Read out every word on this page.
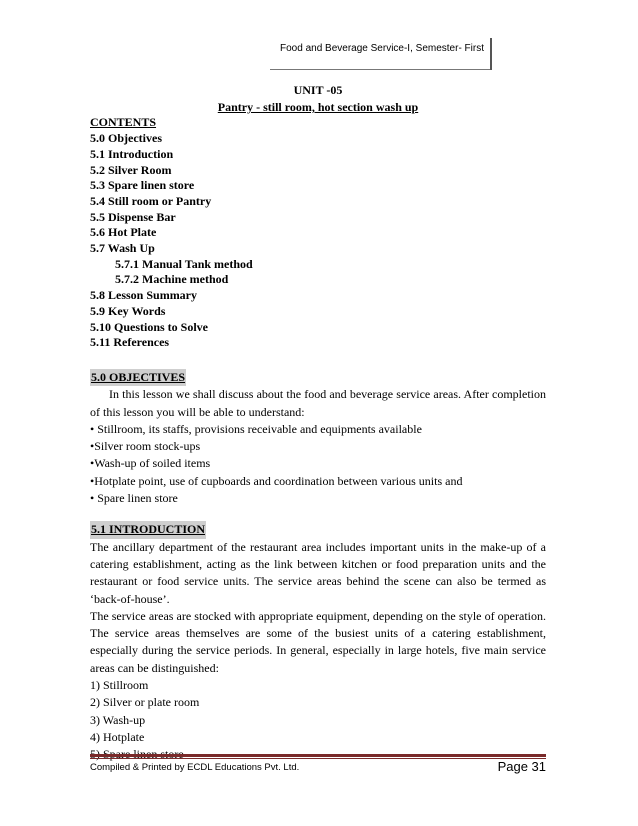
Food and Beverage Service-I, Semester- First
UNIT -05
Pantry - still room, hot section wash up
CONTENTS
5.0 Objectives
5.1 Introduction
5.2 Silver Room
5.3 Spare linen store
5.4 Still room or Pantry
5.5 Dispense Bar
5.6 Hot Plate
5.7 Wash Up
5.7.1 Manual Tank method
5.7.2 Machine method
5.8 Lesson Summary
5.9 Key Words
5.10 Questions to Solve
5.11 References
5.0 OBJECTIVES
In this lesson we shall discuss about the food and beverage service areas. After completion of this lesson you will be able to understand:
• Stillroom, its staffs, provisions receivable and equipments available
•Silver room stock-ups
•Wash-up of soiled items
•Hotplate point, use of cupboards and coordination between various units and
• Spare linen store
5.1 INTRODUCTION
The ancillary department of the restaurant area includes important units in the make-up of a catering establishment, acting as the link between kitchen or food preparation units and the restaurant or food service units. The service areas behind the scene can also be termed as ‘back-of-house’.
The service areas are stocked with appropriate equipment, depending on the style of operation. The service areas themselves are some of the busiest units of a catering establishment, especially during the service periods. In general, especially in large hotels, five main service areas can be distinguished:
1) Stillroom
2) Silver or plate room
3) Wash-up
4) Hotplate
Compiled & Printed by ECDL Educations Pvt. Ltd.	Page 31
